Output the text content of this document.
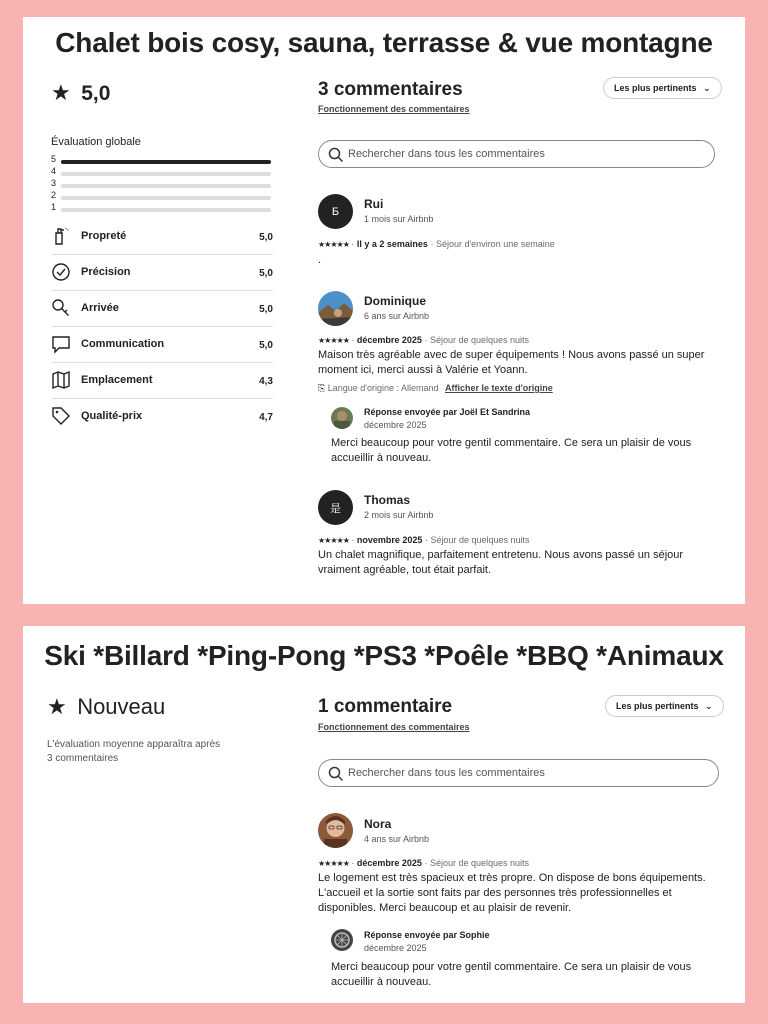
Chalet bois cosy, sauna, terrasse & vue montagne
★ 5,0
Évaluation globale
5
4
3
2
1
Propreté	5,0
Précision	5,0
Arrivée	5,0
Communication	5,0
Emplacement	4,3
Qualité-prix	4,7
3 commentaires
Fonctionnement des commentaires
Les plus pertinents ⌄
Rechercher dans tous les commentaires
Б
Rui
1 mois sur Airbnb
★★★★★ · Il y a 2 semaines · Séjour d'environ une semaine
.
Dominique
6 ans sur Airbnb
★★★★★ · décembre 2025 · Séjour de quelques nuits
Maison très agréable avec de super équipements ! Nous avons passé un super
moment ici, merci aussi à Valérie et Yoann.
⎘ Langue d'origine : Allemand Afficher le texte d'origine
Réponse envoyée par Joël Et Sandrina
décembre 2025
Merci beaucoup pour votre gentil commentaire. Ce sera un plaisir de vous
accueillir à nouveau.
是
Thomas
2 mois sur Airbnb
★★★★★ · novembre 2025 · Séjour de quelques nuits
Un chalet magnifique, parfaitement entretenu. Nous avons passé un séjour
vraiment agréable, tout était parfait.
Ski *Billard *Ping-Pong *PS3 *Poêle *BBQ *Animaux
★ Nouveau
L'évaluation moyenne apparaîtra après
3 commentaires
1 commentaire
Fonctionnement des commentaires
Les plus pertinents ⌄
Rechercher dans tous les commentaires
Nora
4 ans sur Airbnb
★★★★★ · décembre 2025 · Séjour de quelques nuits
Le logement est très spacieux et très propre. On dispose de bons équipements.
L'accueil et la sortie sont faits par des personnes très professionnelles et
disponibles. Merci beaucoup et au plaisir de revenir.
Réponse envoyée par Sophie
décembre 2025
Merci beaucoup pour votre gentil commentaire. Ce sera un plaisir de vous
accueillir à nouveau.
